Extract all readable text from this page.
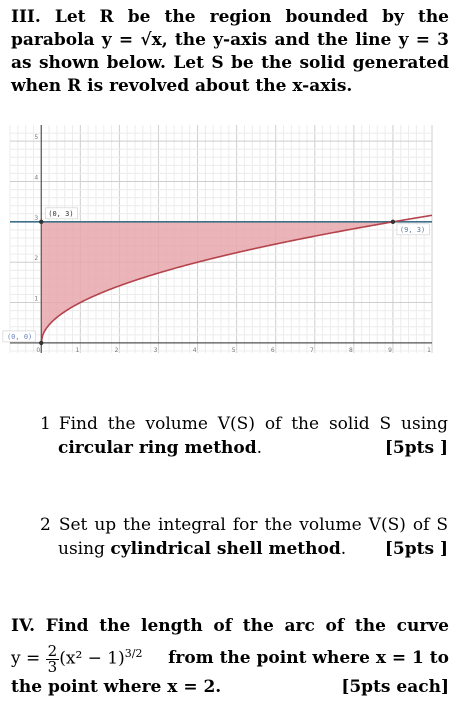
III. Let R be the region bounded by the
parabola y = √x, the y-axis and the line y = 3
as shown below. Let S be the solid generated
when R is revolved about the x-axis.
0	1	2	3	4	5	6	7	8	9	1
1
2
3
4
5
(0, 3)
(9, 3)
(0, 0)
1 Find the volume V(S) of the solid S using
circular ring method.	[5pts ]
2 Set up the integral for the volume V(S) of S
using cylindrical shell method. [5pts ]
IV. Find the length of the arc of the curve
$y = \frac{2}{3} (x^2 - 1)^{3/2}$ from the point where x = 1 to
the point where x = 2.	[5pts each]
